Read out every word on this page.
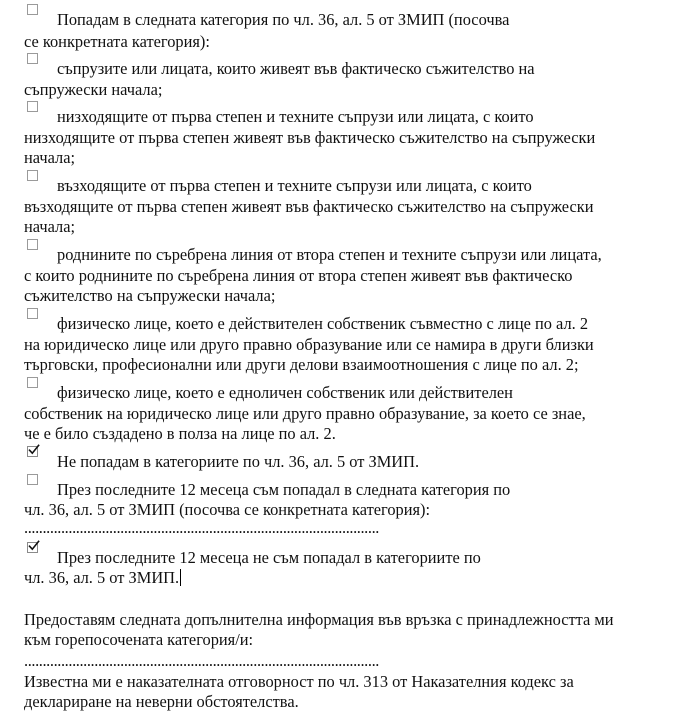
Попадам в следната категория по чл. 36, ал. 5 от ЗМИП (посочва
се конкретната категория):
съпрузите или лицата, които живеят във фактическо съжителство на
съпружески начала;
низходящите от първа степен и техните съпрузи или лицата, с които
низходящите от първа степен живеят във фактическо съжителство на съпружески
начала;
възходящите от първа степен и техните съпрузи или лицата, с които
възходящите от първа степен живеят във фактическо съжителство на съпружески
начала;
роднините по съребрена линия от втора степен и техните съпрузи или лицата,
с които роднините по съребрена линия от втора степен живеят във фактическо
съжителство на съпружески начала;
физическо лице, което е действителен собственик съвместно с лице по ал. 2
на юридическо лице или друго правно образувание или се намира в други близки
търговски, професионални или други делови взаимоотношения с лице по ал. 2;
физическо лице, което е едноличен собственик или действителен
собственик на юридическо лице или друго правно образувание, за което се знае,
че е било създадено в полза на лице по ал. 2.
Не попадам в категориите по чл. 36, ал. 5 от ЗМИП.
През последните 12 месеца съм попадал в следната категория по
чл. 36, ал. 5 от ЗМИП (посочва се конкретната категория):
................................................................................................
През последните 12 месеца не съм попадал в категориите по
чл. 36, ал. 5 от ЗМИП.
Предоставям следната допълнителна информация във връзка с принадлежността ми
към горепосочената категория/и:
................................................................................................
Известна ми е наказателната отговорност по чл. 313 от Наказателния кодекс за
деклариране на неверни обстоятелства.
